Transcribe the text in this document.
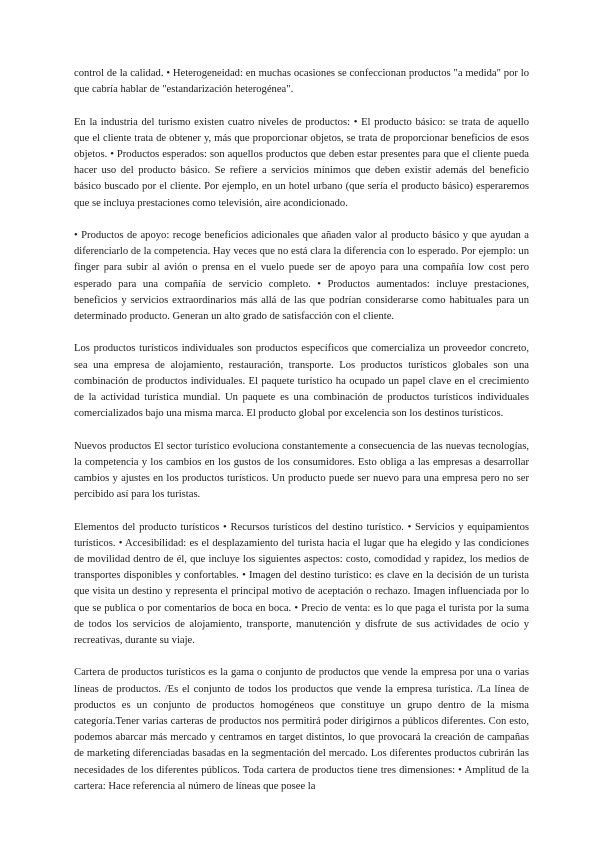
control de la calidad. • Heterogeneidad: en muchas ocasiones se confeccionan productos "a medida" por lo que cabría hablar de "estandarización heterogénea".

En la industria del turismo existen cuatro niveles de productos: • El producto básico: se trata de aquello que el cliente trata de obtener y, más que proporcionar objetos, se trata de proporcionar beneficios de esos objetos. • Productos esperados: son aquellos productos que deben estar presentes para que el cliente pueda hacer uso del producto básico. Se refiere a servicios mínimos que deben existir además del beneficio básico buscado por el cliente. Por ejemplo, en un hotel urbano (que sería el producto básico) esperaremos que se incluya prestaciones como televisión, aire acondicionado.

• Productos de apoyo: recoge beneficios adicionales que añaden valor al producto básico y que ayudan a diferenciarlo de la competencia. Hay veces que no está clara la diferencia con lo esperado. Por ejemplo: un finger para subir al avión o prensa en el vuelo puede ser de apoyo para una compañía low cost pero esperado para una compañía de servicio completo. • Productos aumentados: incluye prestaciones, beneficios y servicios extraordinarios más allá de las que podrían considerarse como habituales para un determinado producto. Generan un alto grado de satisfacción con el cliente.

Los productos turísticos individuales son productos específicos que comercializa un proveedor concreto, sea una empresa de alojamiento, restauración, transporte. Los productos turísticos globales son una combinación de productos individuales. El paquete turístico ha ocupado un papel clave en el crecimiento de la actividad turística mundial. Un paquete es una combinación de productos turísticos individuales comercializados bajo una misma marca. El producto global por excelencia son los destinos turísticos.

Nuevos productos El sector turístico evoluciona constantemente a consecuencia de las nuevas tecnologías, la competencia y los cambios en los gustos de los consumidores. Esto obliga a las empresas a desarrollar cambios y ajustes en los productos turísticos. Un producto puede ser nuevo para una empresa pero no ser percibido así para los turistas.

Elementos del producto turísticos • Recursos turísticos del destino turístico. • Servicios y equipamientos turísticos. • Accesibilidad: es el desplazamiento del turista hacia el lugar que ha elegido y las condiciones de movilidad dentro de él, que incluye los siguientes aspectos: costo, comodidad y rapidez, los medios de transportes disponibles y confortables. • Imagen del destino turístico: es clave en la decisión de un turista que visita un destino y representa el principal motivo de aceptación o rechazo. Imagen influenciada por lo que se publica o por comentarios de boca en boca. • Precio de venta: es lo que paga el turista por la suma de todos los servicios de alojamiento, transporte, manutención y disfrute de sus actividades de ocio y recreativas, durante su viaje.

Cartera de productos turísticos es la gama o conjunto de productos que vende la empresa por una o varias líneas de productos. /Es el conjunto de todos los productos que vende la empresa turística. /La línea de productos es un conjunto de productos homogéneos que constituye un grupo dentro de la misma categoría.Tener varias carteras de productos nos permitirá poder dirigirnos a públicos diferentes. Con esto, podemos abarcar más mercado y centramos en target distintos, lo que provocará la creación de campañas de marketing diferenciadas basadas en la segmentación del mercado. Los diferentes productos cubrirán las necesidades de los diferentes públicos. Toda cartera de productos tiene tres dimensiones: • Amplitud de la cartera: Hace referencia al número de líneas que posee la
